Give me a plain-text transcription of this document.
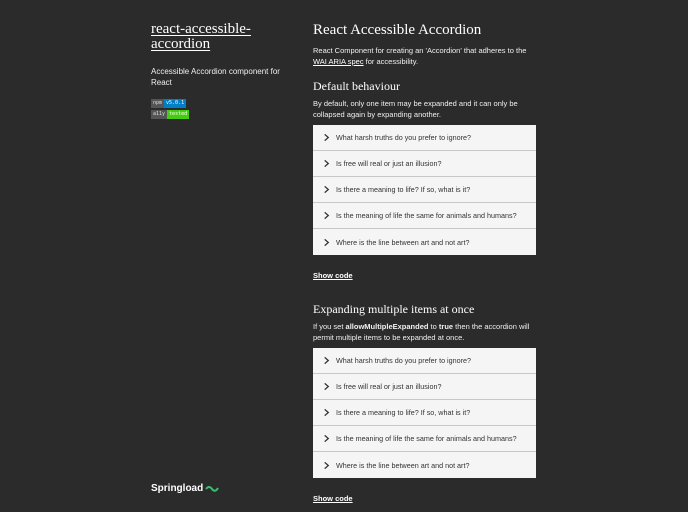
react-accessible-
accordion
Accessible Accordion component for React
npm v5.0.1
a11y tested
Springload
React Accessible Accordion

React Component for creating an 'Accordion' that adheres to the WAI ARIA spec for accessibility.

Default behaviour

By default, only one item may be expanded and it can only be collapsed again by expanding another.

What harsh truths do you prefer to ignore?
Is free will real or just an illusion?
Is there a meaning to life? If so, what is it?
Is the meaning of life the same for animals and humans?
Where is the line between art and not art?
Show code
Expanding multiple items at once

If you set allowMultipleExpanded to true then the accordion will permit multiple items to be expanded at once.

What harsh truths do you prefer to ignore?
Is free will real or just an illusion?
Is there a meaning to life? If so, what is it?
Is the meaning of life the same for animals and humans?
Where is the line between art and not art?
Show code
